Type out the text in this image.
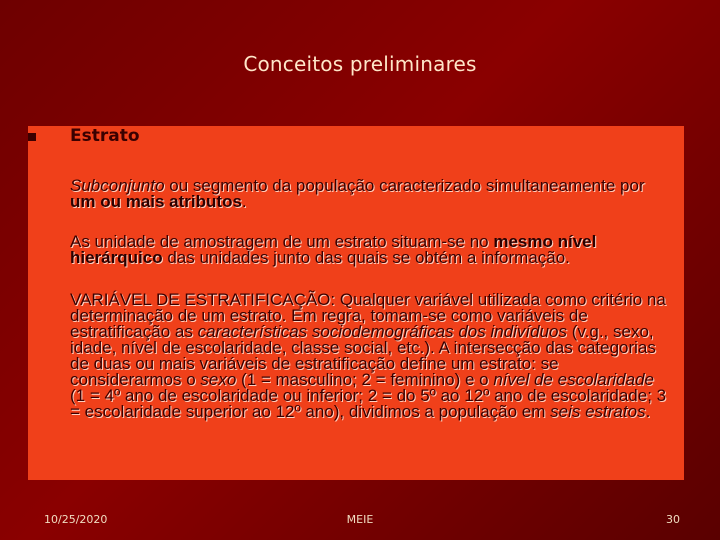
Conceitos preliminares
Estrato
Subconjunto ou segmento da população caracterizado simultaneamente por um ou mais atributos.
As unidade de amostragem de um estrato situam-se no mesmo nível hierárquico das unidades junto das quais se obtém a informação.
VARIÁVEL DE ESTRATIFICAÇÃO: Qualquer variável utilizada como critério na determinação de um estrato. Em regra, tomam-se como variáveis de estratificação as características sociodemográficas dos indivíduos (v.g., sexo, idade, nível de escolaridade, classe social, etc.). A intersecção das categorias de duas ou mais variáveis de estratificação define um estrato: se considerarmos o sexo (1 = masculino; 2 = feminino) e o nível de escolaridade (1 = 4º ano de escolaridade ou inferior; 2 = do 5º ao 12º ano de escolaridade; 3 = escolaridade superior ao 12º ano), dividimos a população em seis estratos.
10/25/2020	MEIE	30
